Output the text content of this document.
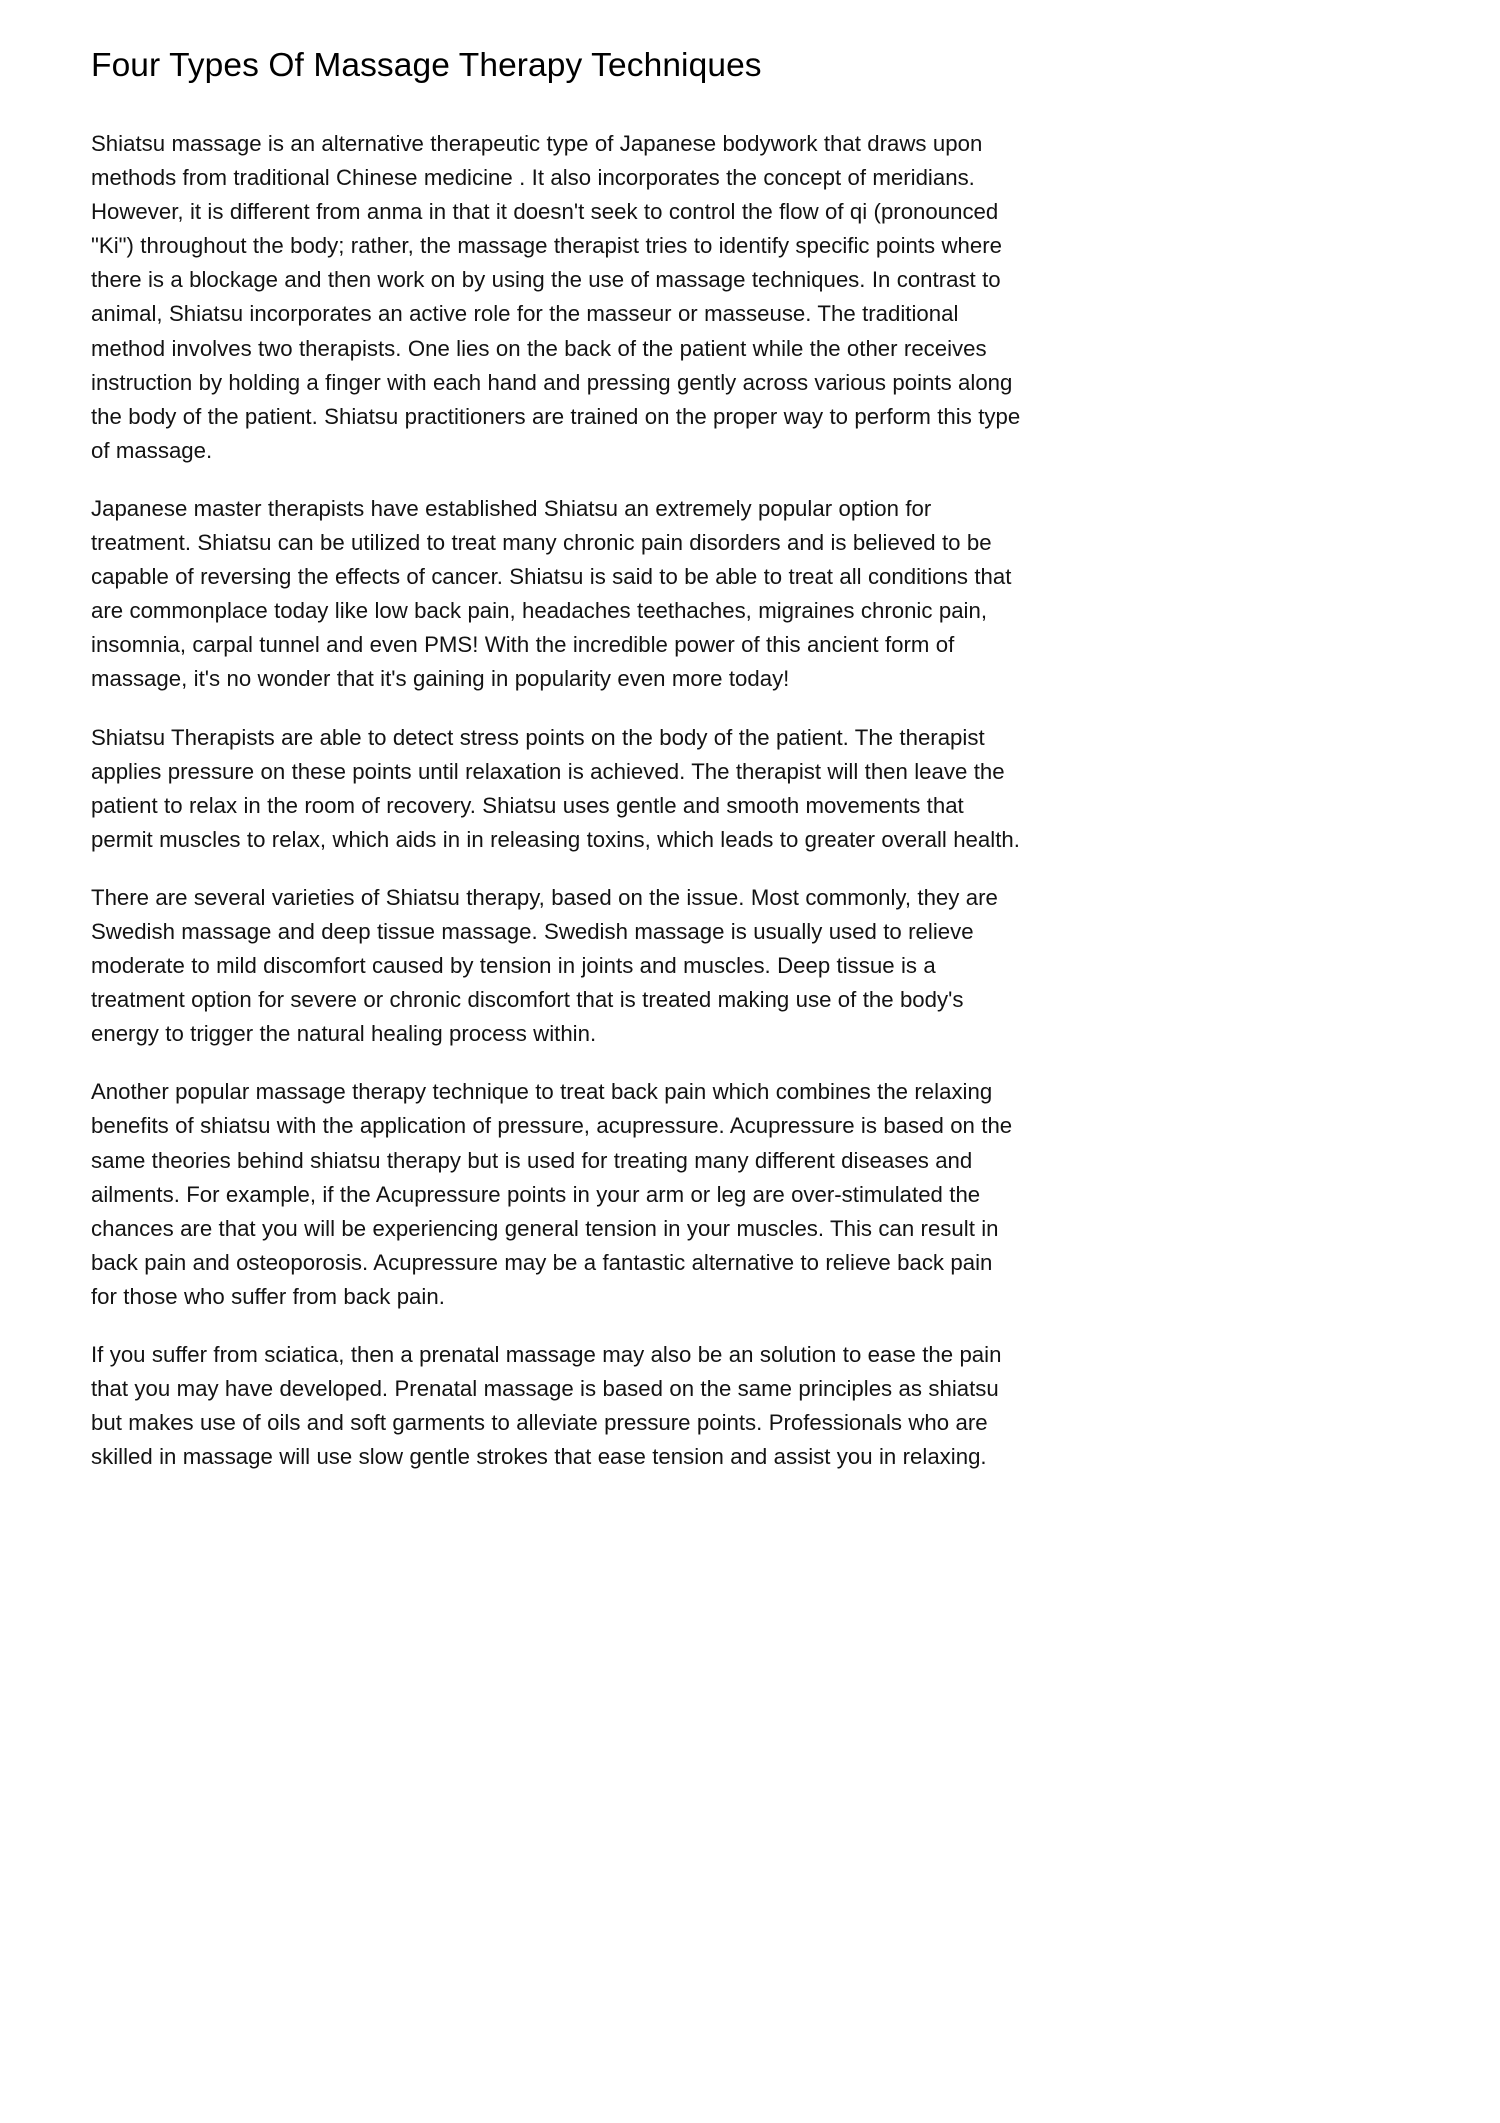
Four Types Of Massage Therapy Techniques

Shiatsu massage is an alternative therapeutic type of Japanese bodywork that draws upon methods from traditional Chinese medicine . It also incorporates the concept of meridians. However, it is different from anma in that it doesn't seek to control the flow of qi (pronounced "Ki") throughout the body; rather, the massage therapist tries to identify specific points where there is a blockage and then work on by using the use of massage techniques. In contrast to animal, Shiatsu incorporates an active role for the masseur or masseuse. The traditional method involves two therapists. One lies on the back of the patient while the other receives instruction by holding a finger with each hand and pressing gently across various points along the body of the patient. Shiatsu practitioners are trained on the proper way to perform this type of massage.

Japanese master therapists have established Shiatsu an extremely popular option for treatment. Shiatsu can be utilized to treat many chronic pain disorders and is believed to be capable of reversing the effects of cancer. Shiatsu is said to be able to treat all conditions that are commonplace today like low back pain, headaches teethaches, migraines chronic pain, insomnia, carpal tunnel and even PMS! With the incredible power of this ancient form of massage, it's no wonder that it's gaining in popularity even more today!

Shiatsu Therapists are able to detect stress points on the body of the patient. The therapist applies pressure on these points until relaxation is achieved. The therapist will then leave the patient to relax in the room of recovery. Shiatsu uses gentle and smooth movements that permit muscles to relax, which aids in in releasing toxins, which leads to greater overall health.

There are several varieties of Shiatsu therapy, based on the issue. Most commonly, they are Swedish massage and deep tissue massage. Swedish massage is usually used to relieve moderate to mild discomfort caused by tension in joints and muscles. Deep tissue is a treatment option for severe or chronic discomfort that is treated making use of the body's energy to trigger the natural healing process within.

Another popular massage therapy technique to treat back pain which combines the relaxing benefits of shiatsu with the application of pressure, acupressure. Acupressure is based on the same theories behind shiatsu therapy but is used for treating many different diseases and ailments. For example, if the Acupressure points in your arm or leg are over-stimulated the chances are that you will be experiencing general tension in your muscles. This can result in back pain and osteoporosis. Acupressure may be a fantastic alternative to relieve back pain for those who suffer from back pain.

If you suffer from sciatica, then a prenatal massage may also be an solution to ease the pain that you may have developed. Prenatal massage is based on the same principles as shiatsu but makes use of oils and soft garments to alleviate pressure points. Professionals who are skilled in massage will use slow gentle strokes that ease tension and assist you in relaxing.
